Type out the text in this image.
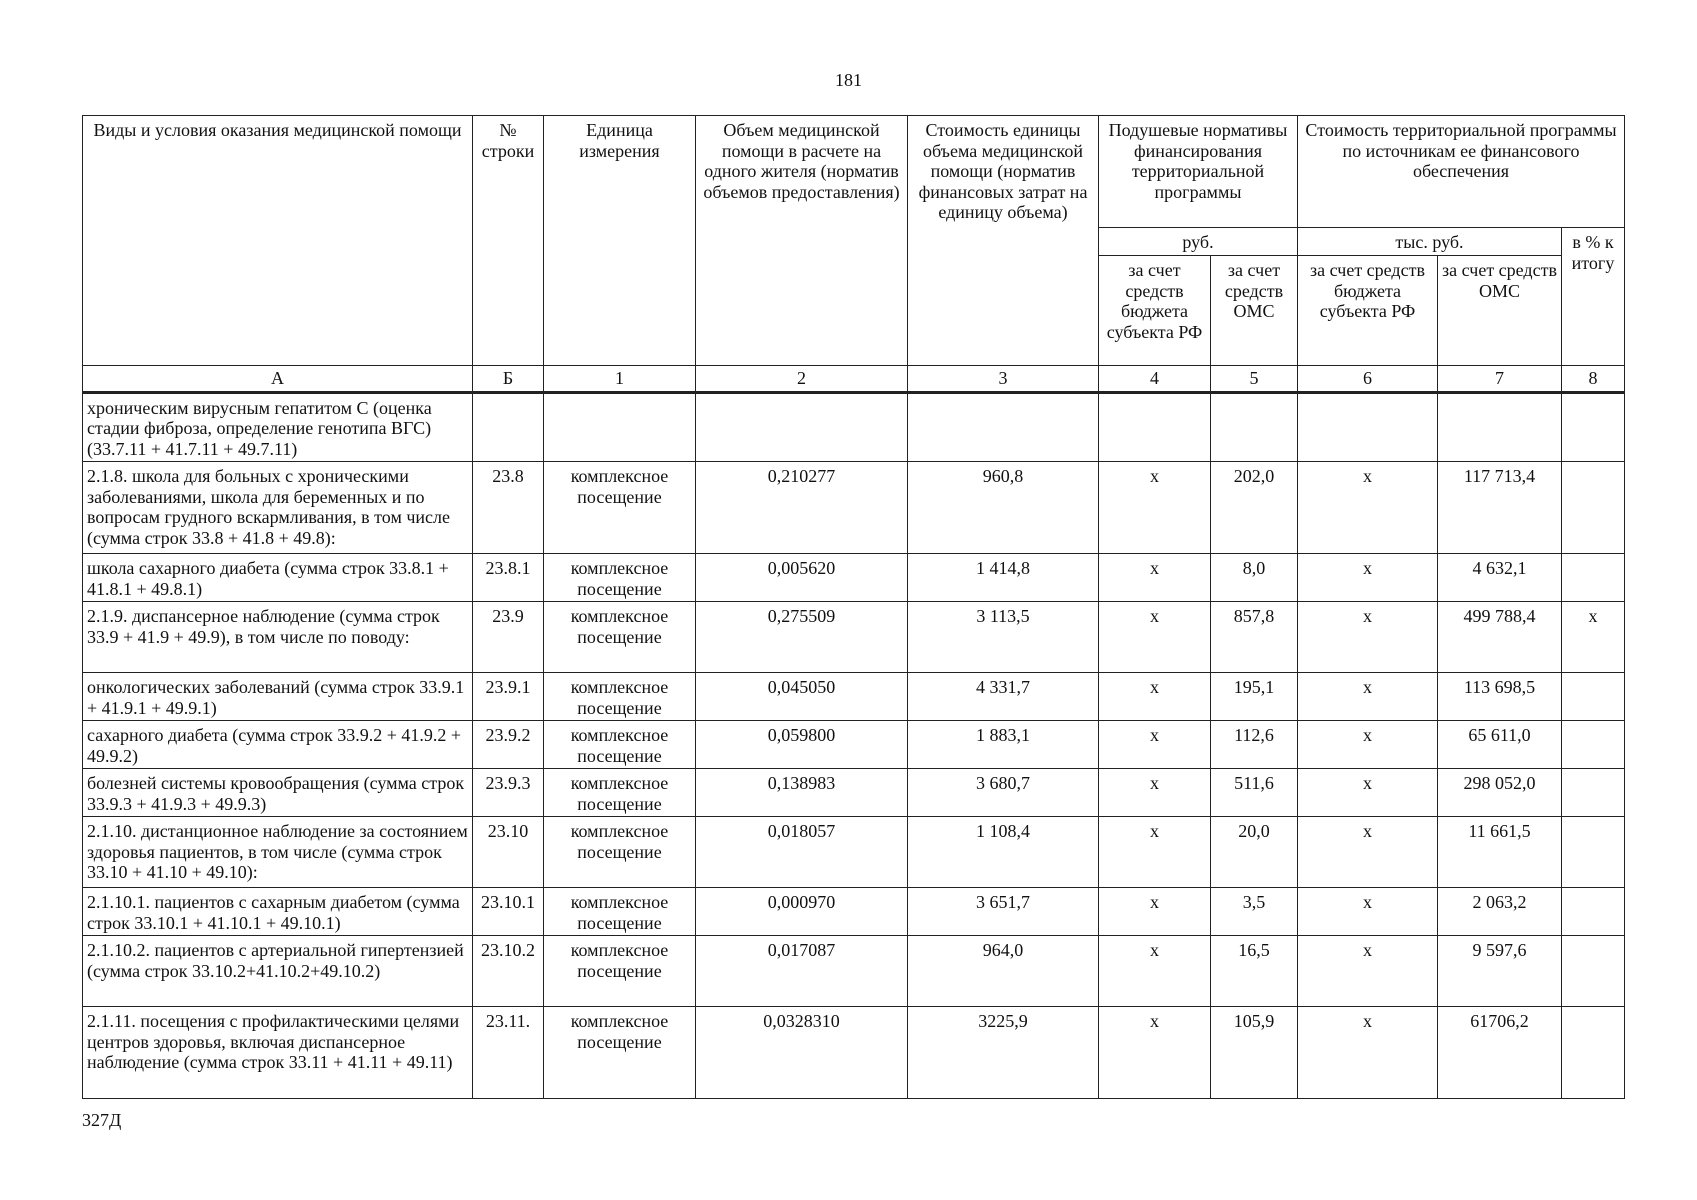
181
Виды и условия оказания медицинской помощи	№ строки	Единица измерения	Объем медицинской помощи в расчете на одного жителя (норматив объемов предоставления)	Стоимость единицы объема медицинской помощи (норматив финансовых затрат на единицу объема)	Подушевые нормативы финансирования территориальной программы		Стоимость территориальной программы по источникам ее финансового обеспечения		
					руб.		тыс. руб.		в % к итогу
					за счет средств бюджета субъекта РФ	за счет средств ОМС	за счет средств бюджета субъекта РФ	за счет средств ОМС	
А	Б	1	2	3	4	5	6	7	8
хроническим вирусным гепатитом С (оценка стадии фиброза, определение генотипа ВГС) (33.7.11 + 41.7.11 + 49.7.11)									
2.1.8. школа для больных с хроническими заболеваниями, школа для беременных и по вопросам грудного вскармливания, в том числе (сумма строк 33.8 + 41.8 + 49.8):	23.8	комплексное посещение	0,210277	960,8	х	202,0	х	117 713,4	
школа сахарного диабета (сумма строк 33.8.1 + 41.8.1 + 49.8.1)	23.8.1	комплексное посещение	0,005620	1 414,8	х	8,0	х	4 632,1	
2.1.9. диспансерное наблюдение (сумма строк 33.9 + 41.9 + 49.9), в том числе по поводу:	23.9	комплексное посещение	0,275509	3 113,5	х	857,8	х	499 788,4	х
онкологических заболеваний (сумма строк 33.9.1 + 41.9.1 + 49.9.1)	23.9.1	комплексное посещение	0,045050	4 331,7	х	195,1	х	113 698,5	
сахарного диабета (сумма строк 33.9.2 + 41.9.2 + 49.9.2)	23.9.2	комплексное посещение	0,059800	1 883,1	х	112,6	х	65 611,0	
болезней системы кровообращения (сумма строк 33.9.3 + 41.9.3 + 49.9.3)	23.9.3	комплексное посещение	0,138983	3 680,7	х	511,6	х	298 052,0	
2.1.10. дистанционное наблюдение за состоянием здоровья пациентов, в том числе (сумма строк 33.10 + 41.10 + 49.10):	23.10	комплексное посещение	0,018057	1 108,4	х	20,0	х	11 661,5	
2.1.10.1. пациентов с сахарным диабетом (сумма строк 33.10.1 + 41.10.1 + 49.10.1)	23.10.1	комплексное посещение	0,000970	3 651,7	х	3,5	х	2 063,2	
2.1.10.2. пациентов с артериальной гипертензией (сумма строк 33.10.2+41.10.2+49.10.2)	23.10.2	комплексное посещение	0,017087	964,0	х	16,5	х	9 597,6	
2.1.11. посещения с профилактическими целями центров здоровья, включая диспансерное наблюдение (сумма строк 33.11 + 41.11 + 49.11)	23.11.	комплексное посещение	0,0328310	3225,9	х	105,9	х	61706,2	
327Д
